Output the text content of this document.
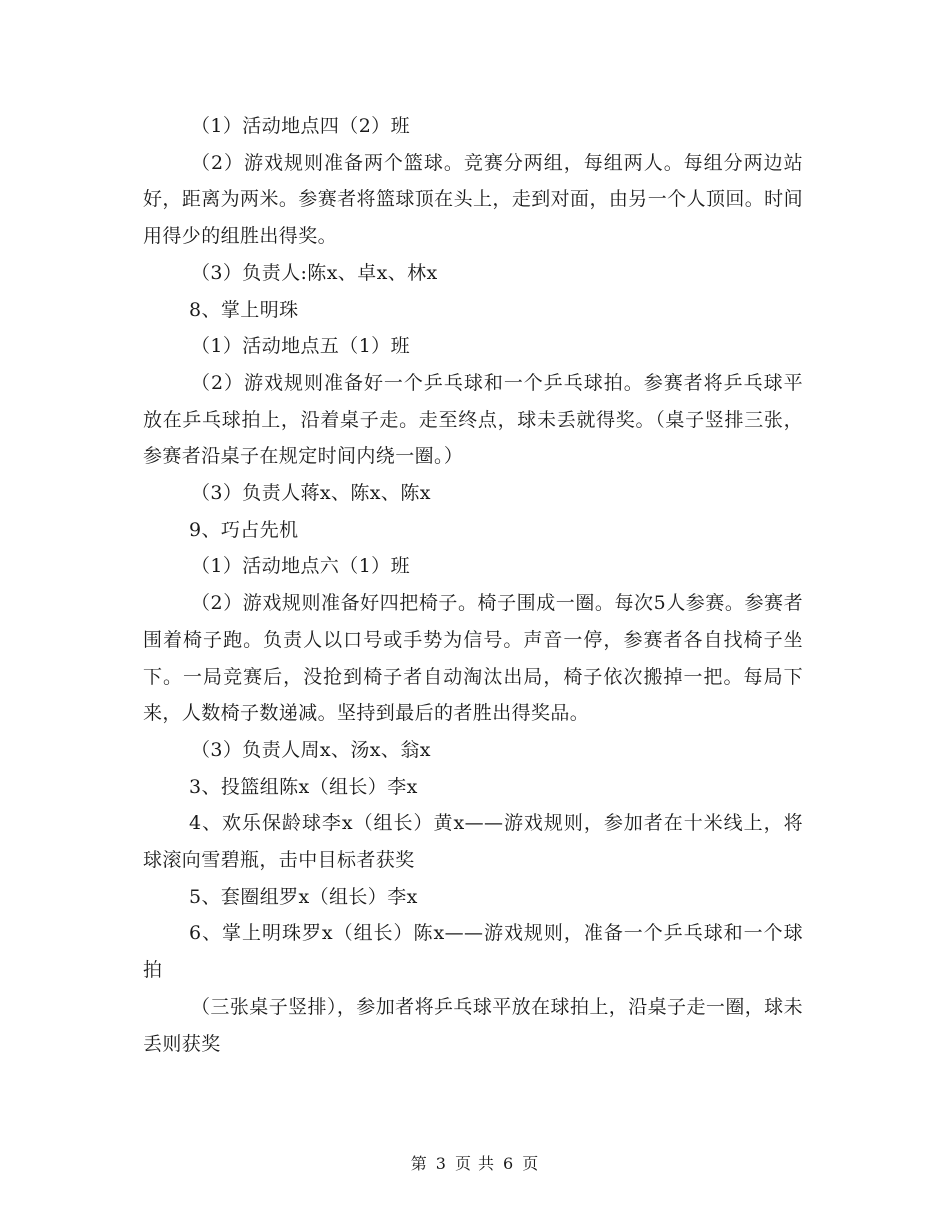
（1）活动地点四（2）班

（2）游戏规则准备两个篮球。竞赛分两组，每组两人。每组分两边站好，距离为两米。参赛者将篮球顶在头上，走到对面，由另一个人顶回。时间用得少的组胜出得奖。

（3）负责人:陈x、卓x、林x

8、掌上明珠

（1）活动地点五（1）班

（2）游戏规则准备好一个乒乓球和一个乒乓球拍。参赛者将乒乓球平放在乒乓球拍上，沿着桌子走。走至终点，球未丢就得奖。（桌子竖排三张，参赛者沿桌子在规定时间内绕一圈。）

（3）负责人蒋x、陈x、陈x

9、巧占先机

（1）活动地点六（1）班

（2）游戏规则准备好四把椅子。椅子围成一圈。每次5人参赛。参赛者围着椅子跑。负责人以口号或手势为信号。声音一停，参赛者各自找椅子坐下。一局竞赛后，没抢到椅子者自动淘汰出局，椅子依次搬掉一把。每局下来，人数椅子数递减。坚持到最后的者胜出得奖品。

（3）负责人周x、汤x、翁x

3、投篮组陈x（组长）李x

4、欢乐保龄球李x（组长）黄x——游戏规则，参加者在十米线上，将球滚向雪碧瓶，击中目标者获奖

5、套圈组罗x（组长）李x

6、掌上明珠罗x（组长）陈x——游戏规则，准备一个乒乓球和一个球拍

（三张桌子竖排），参加者将乒乓球平放在球拍上，沿桌子走一圈，球未丢则获奖

第 3 页 共 6 页
